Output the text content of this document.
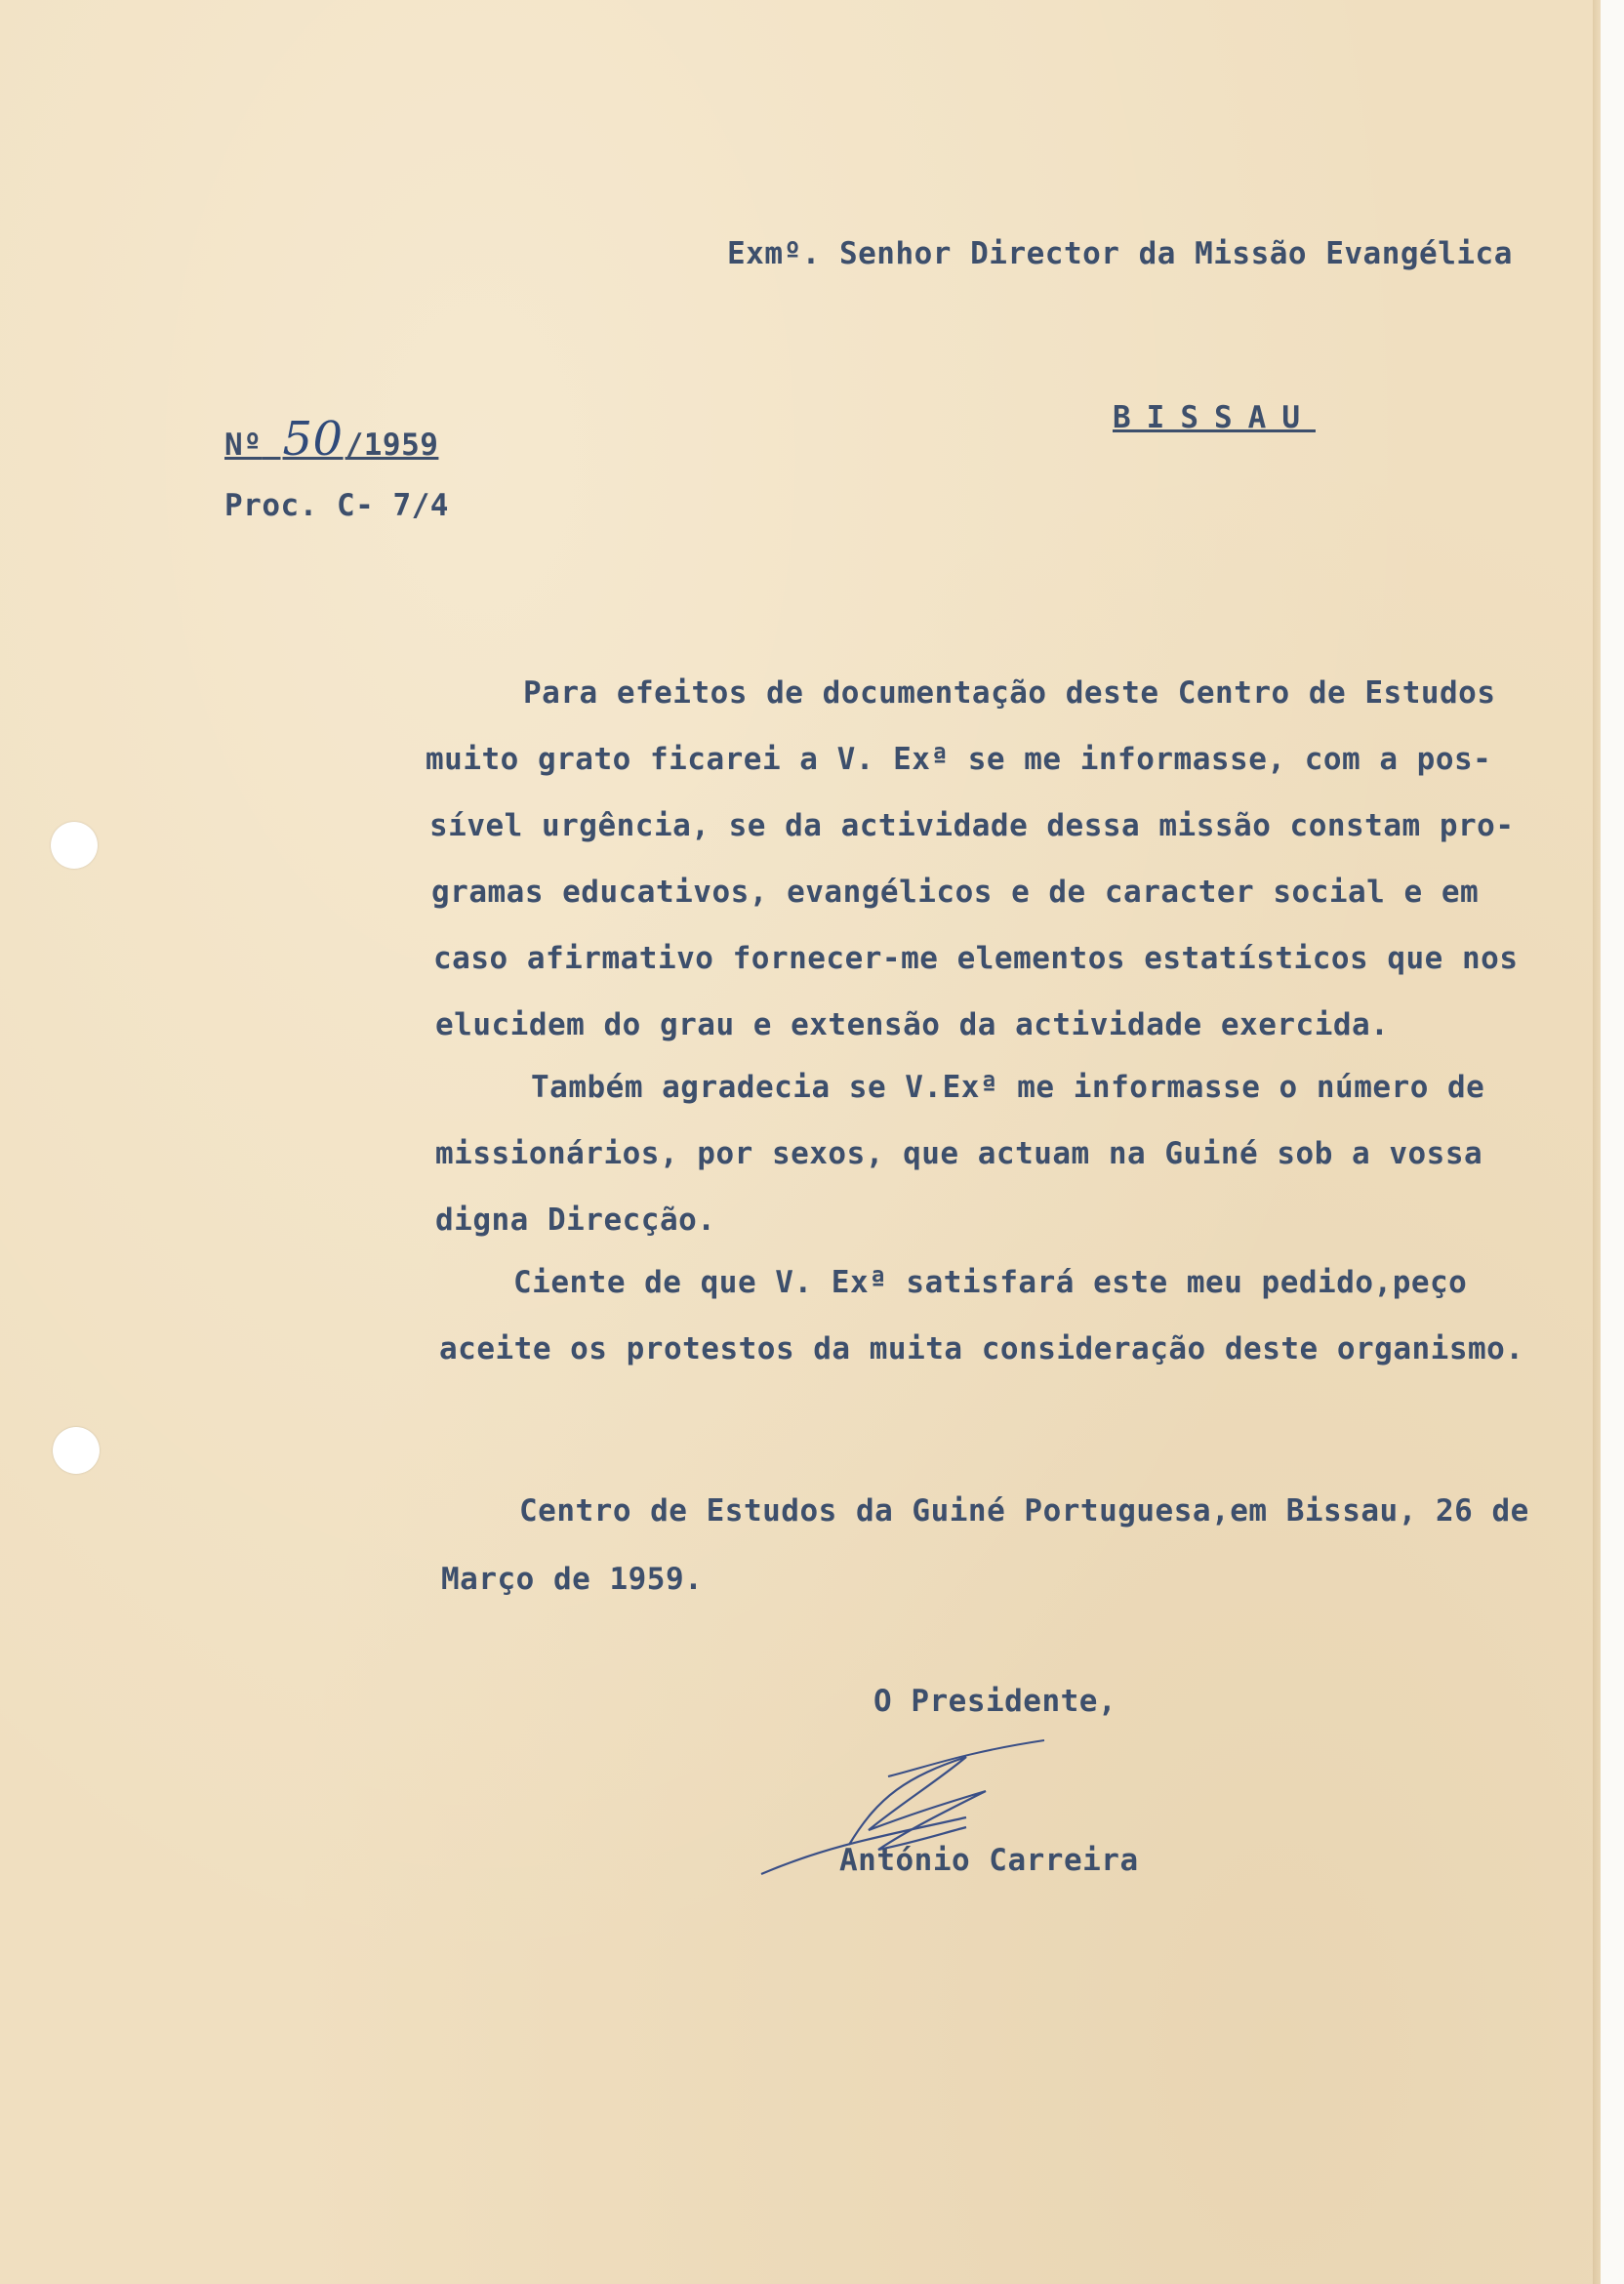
Exmº. Senhor Director da Missão Evangélica
Nº 50/1959
BISSAU
Proc. C- 7/4
Para efeitos de documentação deste Centro de Estudos
muito grato ficarei a V. Exª se me informasse, com a pos-
sível urgência, se da actividade dessa missão constam pro-
gramas educativos, evangélicos e de caracter social e em
caso afirmativo fornecer-me elementos estatísticos que nos
elucidem do grau e extensão da actividade exercida.
Também agradecia se V.Exª me informasse o número de
missionários, por sexos, que actuam na Guiné sob a vossa
digna Direcção.
Ciente de que V. Exª satisfará este meu pedido,peço
aceite os protestos da muita consideração deste organismo.
Centro de Estudos da Guiné Portuguesa,em Bissau, 26 de
Março de 1959.
O Presidente,
António Carreira
